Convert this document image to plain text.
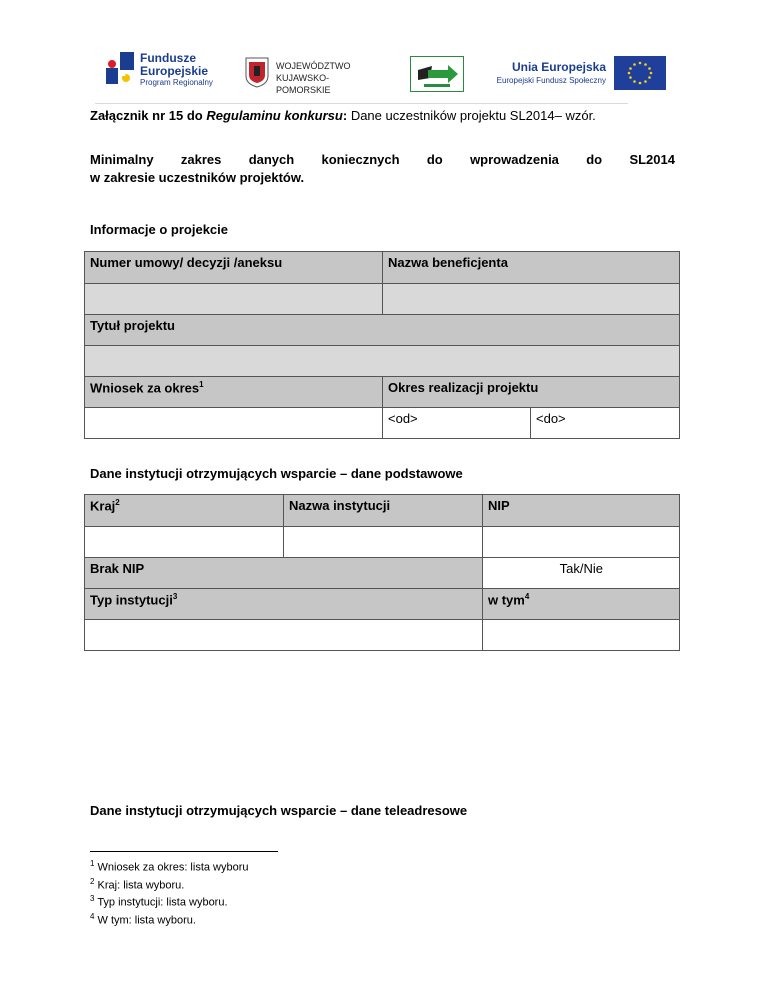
Fundusze
Europejskie
Program Regionalny
WOJEWÓDZTWO
KUJAWSKO-POMORSKIE
Unia Europejska
Europejski Fundusz Społeczny
Załącznik nr 15 do Regulaminu konkursu: Dane uczestników projektu SL2014– wzór.
Minimalny zakres danych koniecznych do wprowadzenia do SL2014
w zakresie uczestników projektów.
Informacje o projekcie
Numer umowy/ decyzji /aneksu	Nazwa beneficjenta	

Tytuł projektu		

Wniosek za okres$^1$	Okres realizacji projektu	
	<od>	<do>
Dane instytucji otrzymujących wsparcie – dane podstawowe
Kraj$^2$	Nazwa instytucji	NIP

Brak NIP		Tak/Nie
Typ instytucji$^3$		w tym$^4$

Dane instytucji otrzymujących wsparcie – dane teleadresowe
$^1$ Wniosek za okres: lista wyboru
$^2$ Kraj: lista wyboru.
$^3$ Typ instytucji: lista wyboru.
$^4$ W tym: lista wyboru.
